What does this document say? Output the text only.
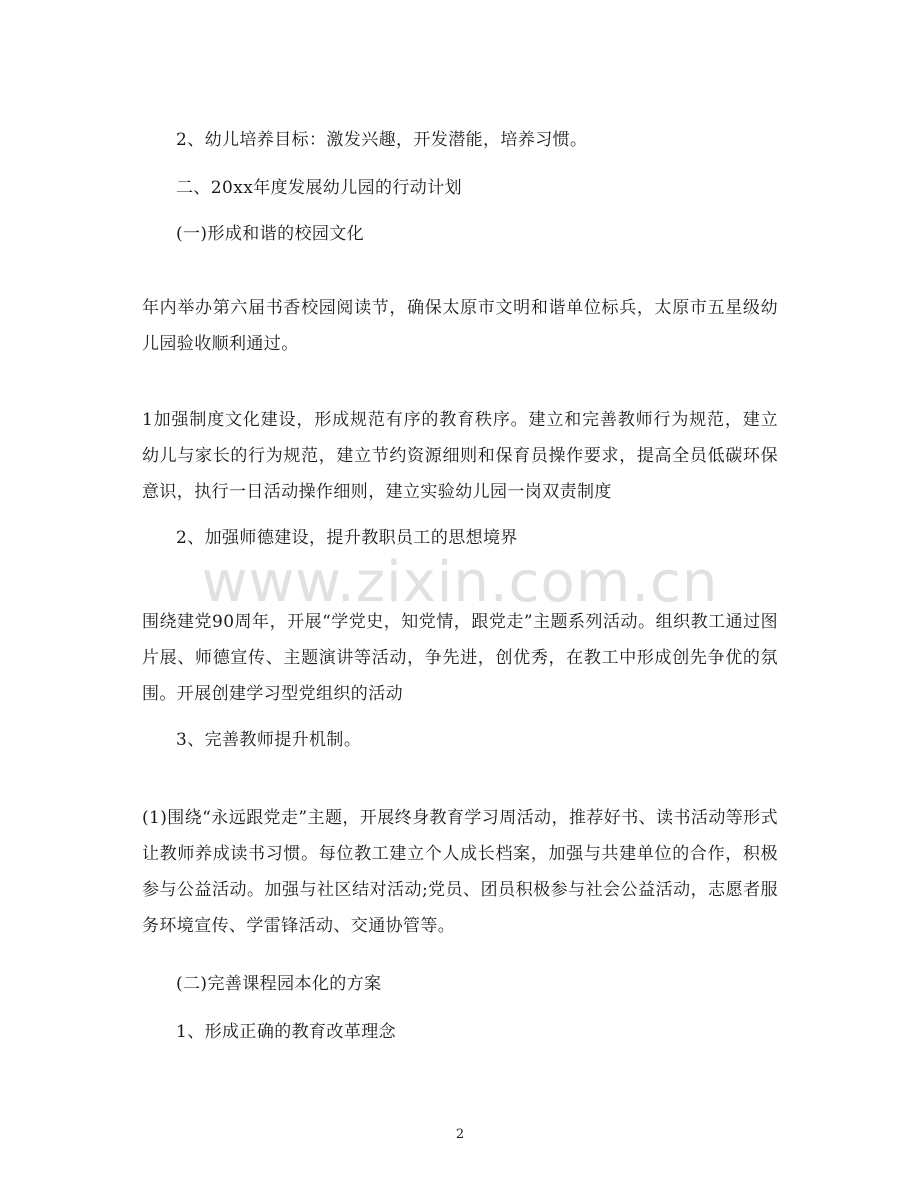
2、幼儿培养目标：激发兴趣，开发潜能，培养习惯。

二、20xx年度发展幼儿园的行动计划

(一)形成和谐的校园文化

年内举办第六届书香校园阅读节，确保太原市文明和谐单位标兵，太原市五星级幼儿园验收顺利通过。

1加强制度文化建设，形成规范有序的教育秩序。建立和完善教师行为规范，建立幼儿与家长的行为规范，建立节约资源细则和保育员操作要求，提高全员低碳环保意识，执行一日活动操作细则，建立实验幼儿园一岗双责制度

2、加强师德建设，提升教职员工的思想境界

围绕建党90周年，开展“学党史，知党情，跟党走”主题系列活动。组织教工通过图片展、师德宣传、主题演讲等活动，争先进，创优秀，在教工中形成创先争优的氛围。开展创建学习型党组织的活动

3、完善教师提升机制。

(1)围绕“永远跟党走”主题，开展终身教育学习周活动，推荐好书、读书活动等形式让教师养成读书习惯。每位教工建立个人成长档案，加强与共建单位的合作，积极参与公益活动。加强与社区结对活动;党员、团员积极参与社会公益活动，志愿者服务环境宣传、学雷锋活动、交通协管等。

(二)完善课程园本化的方案

1、形成正确的教育改革理念

www.zixin.com.cn
2
